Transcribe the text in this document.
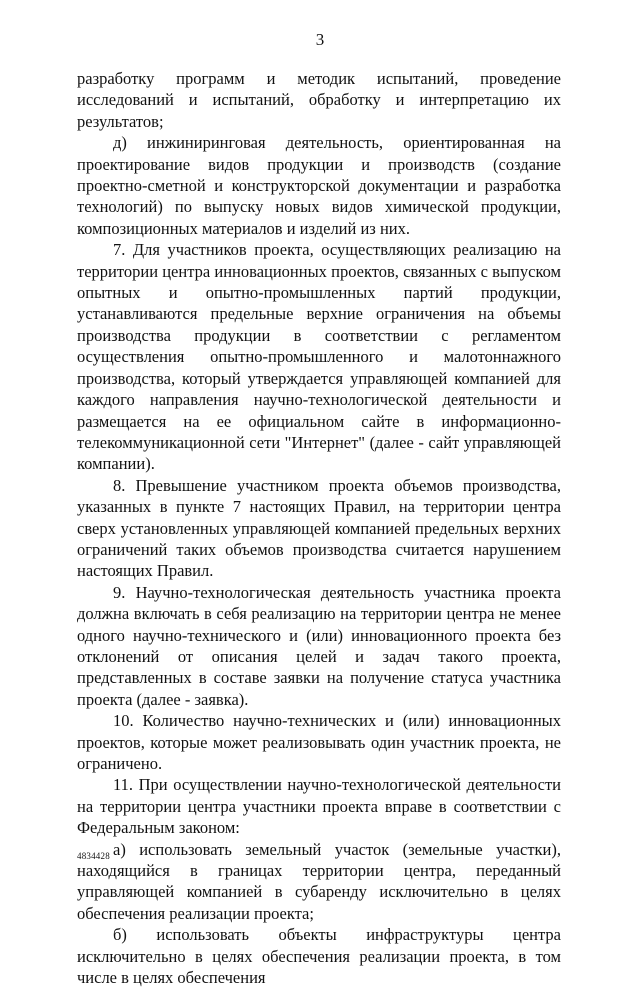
3

разработку программ и методик испытаний, проведение исследований и испытаний, обработку и интерпретацию их результатов;

д) инжиниринговая деятельность, ориентированная на проектирование видов продукции и производств (создание проектно-сметной и конструкторской документации и разработка технологий) по выпуску новых видов химической продукции, композиционных материалов и изделий из них.

7. Для участников проекта, осуществляющих реализацию на территории центра инновационных проектов, связанных с выпуском опытных и опытно-промышленных партий продукции, устанавливаются предельные верхние ограничения на объемы производства продукции в соответствии с регламентом осуществления опытно-промышленного и малотоннажного производства, который утверждается управляющей компанией для каждого направления научно-технологической деятельности и размещается на ее официальном сайте в информационно-телекоммуникационной сети "Интернет" (далее - сайт управляющей компании).

8. Превышение участником проекта объемов производства, указанных в пункте 7 настоящих Правил, на территории центра сверх установленных управляющей компанией предельных верхних ограничений таких объемов производства считается нарушением настоящих Правил.

9. Научно-технологическая деятельность участника проекта должна включать в себя реализацию на территории центра не менее одного научно-технического и (или) инновационного проекта без отклонений от описания целей и задач такого проекта, представленных в составе заявки на получение статуса участника проекта (далее - заявка).

10. Количество научно-технических и (или) инновационных проектов, которые может реализовывать один участник проекта, не ограничено.

11. При осуществлении научно-технологической деятельности на территории центра участники проекта вправе в соответствии с Федеральным законом:

а) использовать земельный участок (земельные участки), находящийся в границах территории центра, переданный управляющей компанией в субаренду исключительно в целях обеспечения реализации проекта;

б) использовать объекты инфраструктуры центра исключительно в целях обеспечения реализации проекта, в том числе в целях обеспечения

4834428
